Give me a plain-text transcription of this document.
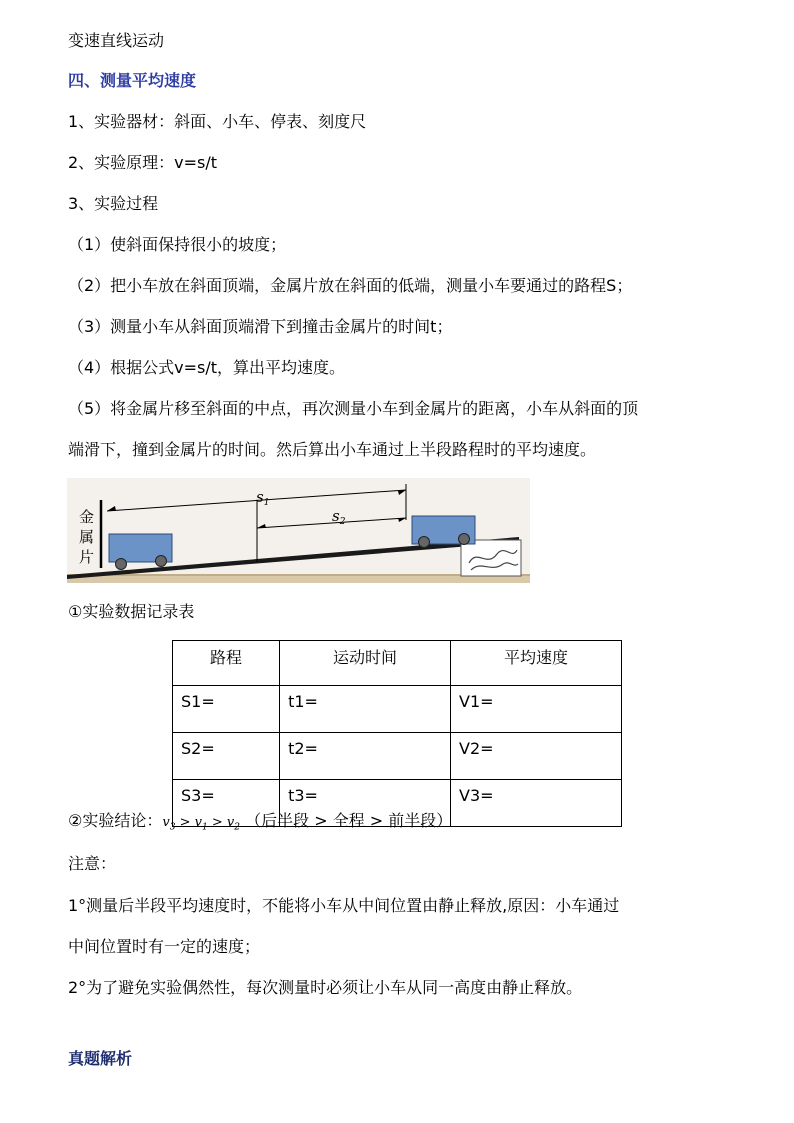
变速直线运动
四、测量平均速度
1、实验器材：斜面、小车、停表、刻度尺
2、实验原理：v=s/t
3、实验过程
（1）使斜面保持很小的坡度；
（2）把小车放在斜面顶端，金属片放在斜面的低端，测量小车要通过的路程S；
（3）测量小车从斜面顶端滑下到撞击金属片的时间t；
（4）根据公式v=s/t，算出平均速度。
（5）将金属片移至斜面的中点，再次测量小车到金属片的距离，小车从斜面的顶
端滑下，撞到金属片的时间。然后算出小车通过上半段路程时的平均速度。
金
属
片
$s_1$
$s_2$
①实验数据记录表
路程	运动时间	平均速度
S1=	t1=	V1=
S2=	t2=	V2=
S3=	t3=	V3=
②实验结论：$v_3 > v_1 > v_2$ （后半段 > 全程 > 前半段）
注意：
1°测量后半段平均速度时，不能将小车从中间位置由静止释放,原因：小车通过
中间位置时有一定的速度；
2°为了避免实验偶然性，每次测量时必须让小车从同一高度由静止释放。
真题解析
